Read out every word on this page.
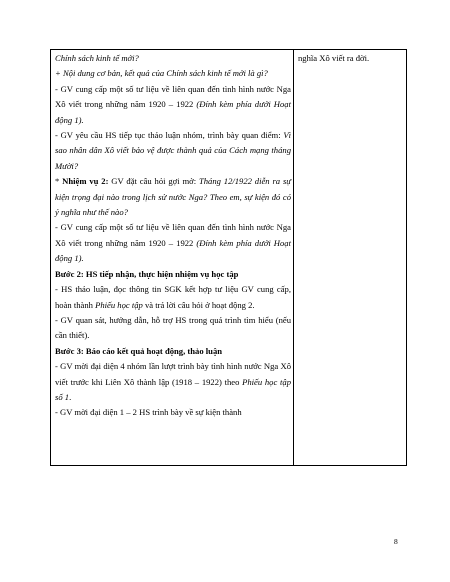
Chính sách kinh tế mới?
+ Nội dung cơ bản, kết quả của Chính sách kinh tế mới là gì?
- GV cung cấp một số tư liệu về liên quan đến tình hình nước Nga Xô viết trong những năm 1920 – 1922 (Đính kèm phía dưới Hoạt động 1).
- GV yêu cầu HS tiếp tục thảo luận nhóm, trình bày quan điểm: Vì sao nhân dân Xô viết bảo vệ được thành quả của Cách mạng tháng Mười?
* Nhiệm vụ 2: GV đặt câu hỏi gợi mở: Tháng 12/1922 diễn ra sự kiện trọng đại nào trong lịch sử nước Nga? Theo em, sự kiện đó có ý nghĩa như thế nào?
- GV cung cấp một số tư liệu về liên quan đến tình hình nước Nga Xô viết trong những năm 1920 – 1922 (Đính kèm phía dưới Hoạt động 1).
Bước 2: HS tiếp nhận, thực hiện nhiệm vụ học tập
- HS thảo luận, đọc thông tin SGK kết hợp tư liệu GV cung cấp, hoàn thành Phiếu học tập và trả lời câu hỏi ở hoạt động 2.
- GV quan sát, hướng dẫn, hỗ trợ HS trong quá trình tìm hiểu (nếu cần thiết).
Bước 3: Báo cáo kết quả hoạt động, thảo luận
- GV mời đại diện 4 nhóm lần lượt trình bày tình hình nước Nga Xô viết trước khi Liên Xô thành lập (1918 – 1922) theo Phiếu học tập số 1.
- GV mời đại diện 1 – 2 HS trình bày về sự kiện thành
nghĩa Xô viết ra đời.
8
